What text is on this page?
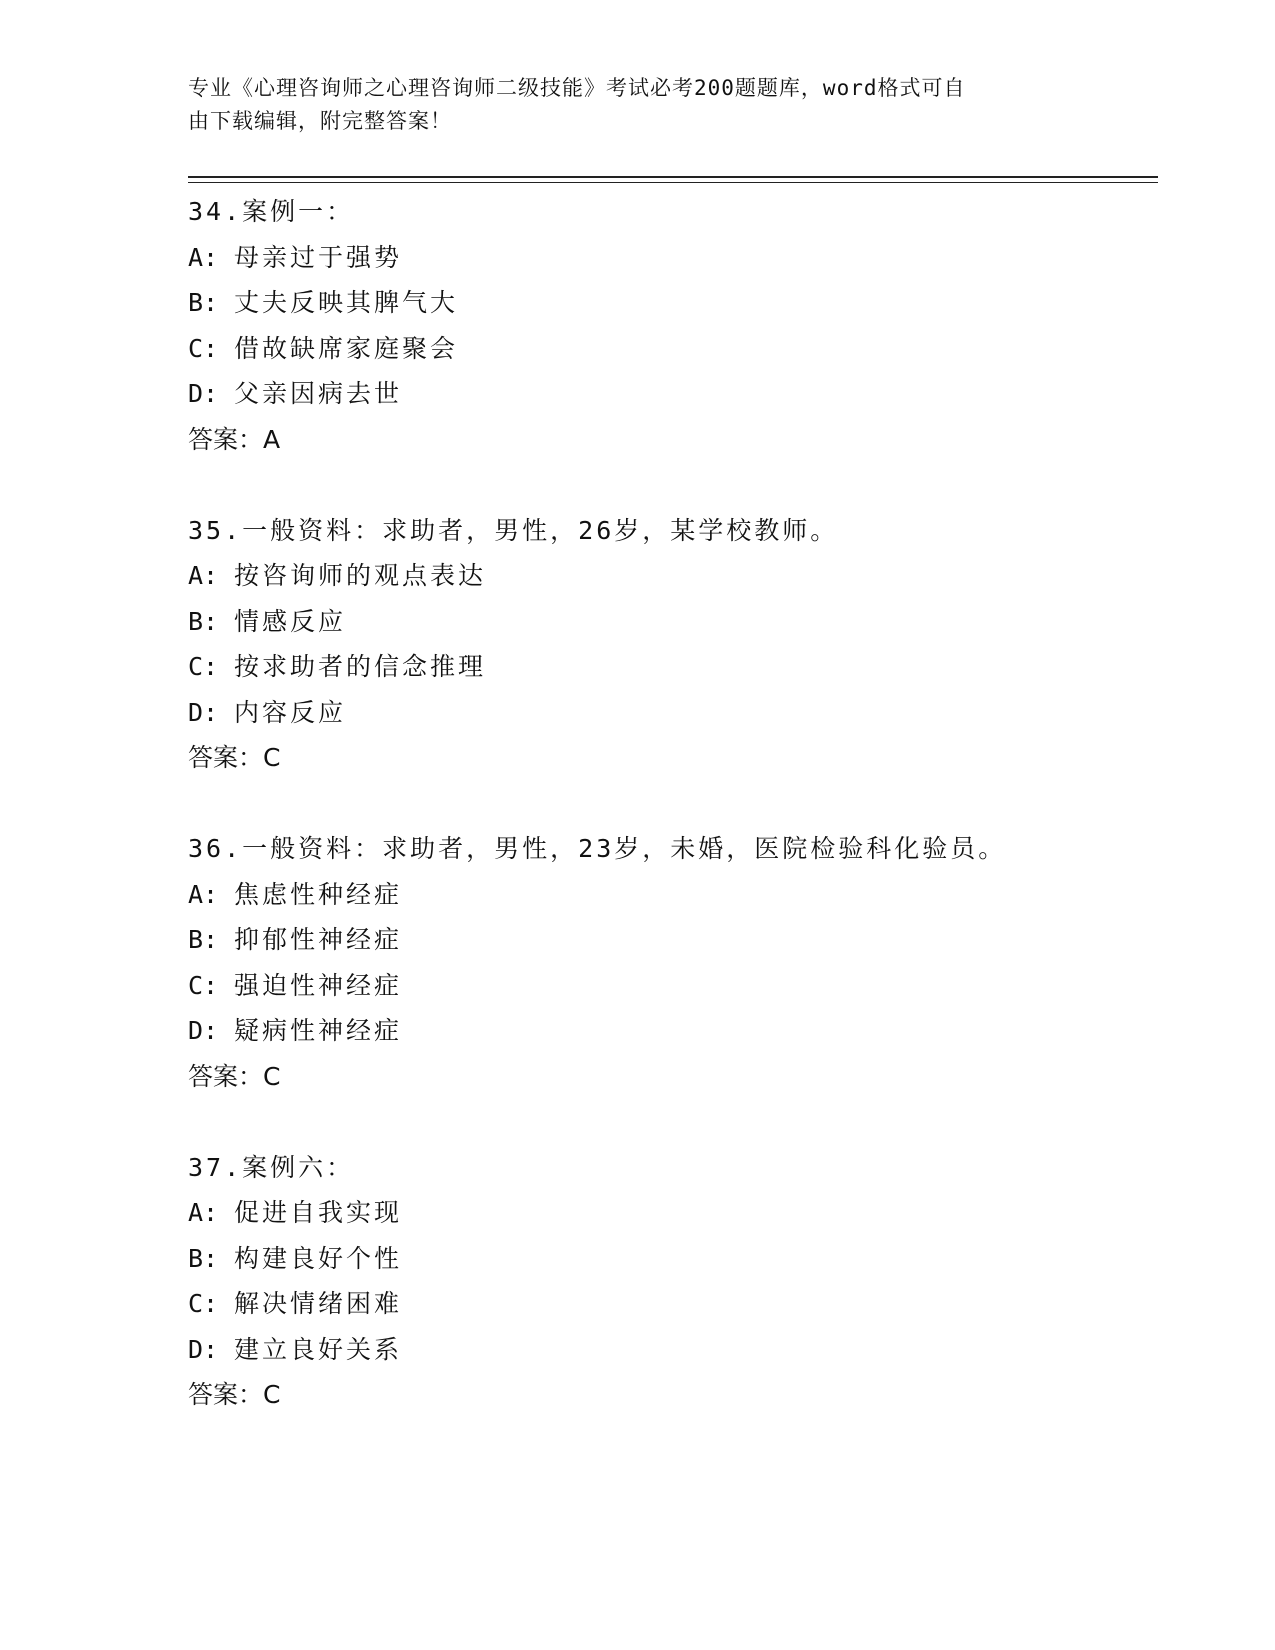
专业《心理咨询师之心理咨询师二级技能》考试必考200题题库，word格式可自
由下载编辑，附完整答案！
34.案例一：
A: 母亲过于强势
B: 丈夫反映其脾气大
C: 借故缺席家庭聚会
D: 父亲因病去世
答案：A
35.一般资料：求助者，男性，26岁，某学校教师。
A: 按咨询师的观点表达
B: 情感反应
C: 按求助者的信念推理
D: 内容反应
答案：C
36.一般资料：求助者，男性，23岁，未婚，医院检验科化验员。
A: 焦虑性种经症
B: 抑郁性神经症
C: 强迫性神经症
D: 疑病性神经症
答案：C
37.案例六：
A: 促进自我实现
B: 构建良好个性
C: 解决情绪困难
D: 建立良好关系
答案：C
